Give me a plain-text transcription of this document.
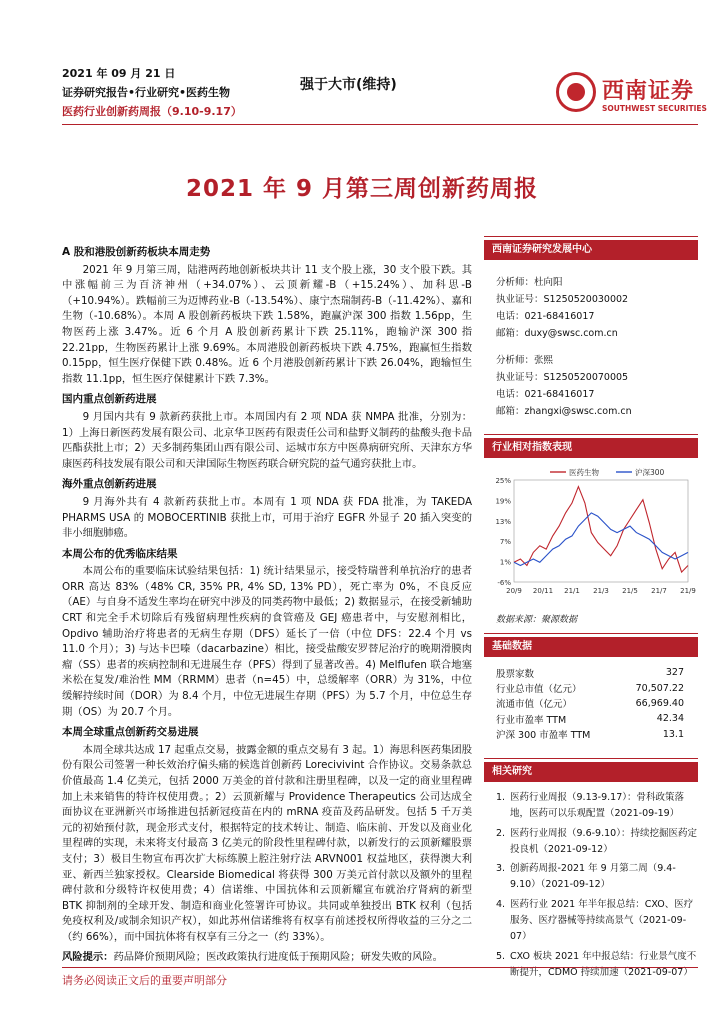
2021 年 09 月 21 日
证券研究报告•行业研究•医药生物
医药行业创新药周报（9.10-9.17）
强于大市(维持)	西南证券
SOUTHWEST SECURITIES
2021 年 9 月第三周创新药周报
A 股和港股创新药板块本周走势

2021 年 9 月第三周，陆港两药地创新板块共计 11 支个股上涨，30 支个股下跌。其中涨幅前三为百济神州（+34.07%）、云顶新耀-B（+15.24%）、加科思-B（+10.94%）。跌幅前三为迈博药业-B（-13.54%）、康宁杰瑞制药-B（-11.42%）、嘉和生物（-10.68%）。本周 A 股创新药板块下跌 1.58%，跑赢沪深 300 指数 1.56pp，生物医药上涨 3.47%。近 6 个月 A 股创新药累计下跌 25.11%，跑输沪深 300 指 22.21pp，生物医药累计上涨 9.69%。本周港股创新药板块下跌 4.75%，跑赢恒生指数 0.15pp，恒生医疗保健下跌 0.48%。近 6 个月港股创新药累计下跌 26.04%，跑输恒生指数 11.1pp，恒生医疗保健累计下跌 7.3%。

国内重点创新药进展

9 月国内共有 9 款新药获批上市。本周国内有 2 项 NDA 获 NMPA 批准，分别为：1）上海日新医药发展有限公司、北京华卫医药有限责任公司和盐野义制药的盐酸头孢卡品匹酯获批上市；2）天多制药集团山西有限公司、运城市东方中医鼻病研究所、天津东方华康医药科技发展有限公司和天津国际生物医药联合研究院的益气通窍获批上市。

海外重点创新药进展

9 月海外共有 4 款新药获批上市。本周有 1 项 NDA 获 FDA 批准，为 TAKEDA PHARMS USA 的 MOBOCERTINIB 获批上市，可用于治疗 EGFR 外显子 20 插入突变的非小细胞肺癌。

本周公布的优秀临床结果

本周公布的重要临床试验结果包括：1) 统计结果显示，接受特瑞普利单抗治疗的患者 ORR 高达 83%（48% CR, 35% PR, 4% SD, 13% PD），死亡率为 0%，不良反应（AE）与自身不适发生率均在研究中涉及的同类药物中最低；2) 数据显示，在接受新辅助 CRT 和完全手术切除后有残留病理性疾病的食管癌及 GEJ 癌患者中，与安慰剂相比，Opdivo 辅助治疗将患者的无病生存期（DFS）延长了一倍（中位 DFS：22.4 个月 vs 11.0 个月）；3) 与达卡巴嗪（dacarbazine）相比，接受盐酸安罗替尼治疗的晚期滑膜肉瘤（SS）患者的疾病控制和无进展生存（PFS）得到了显著改善。4) Melflufen 联合地塞米松在复发/难治性 MM（RRMM）患者（n=45）中，总缓解率（ORR）为 31%，中位缓解持续时间（DOR）为 8.4 个月，中位无进展生存期（PFS）为 5.7 个月，中位总生存期（OS）为 20.7 个月。

本周全球重点创新药交易进展

本周全球共达成 17 起重点交易，披露金额的重点交易有 3 起。1）海思科医药集团股份有限公司签署一种长效治疗偏头痛的候选首创新药 Lorecivivint 合作协议。交易条款总价值最高 1.4 亿美元，包括 2000 万美金的首付款和注册里程碑，以及一定的商业里程碑加上未来销售的特许权使用费。；2）云顶新耀与 Providence Therapeutics 公司达成全面协议在亚洲新兴市场推进包括新冠疫苗在内的 mRNA 疫苗及药品研发。包括 5 千万美元的初始预付款，现金形式支付，根据特定的技术转让、制造、临床前、开发以及商业化里程碑的实现，未来将支付最高 3 亿美元的阶段性里程碑付款，以新发行的云顶新耀股票支付；3）极目生物宣布再次扩大标练膜上腔注射疗法 ARVN001 权益地区，获得澳大利亚、新西兰独家授权。Clearside Biomedical 将获得 300 万美元首付款以及额外的里程碑付款和分级特许权使用费；4）信诺维、中国抗体和云顶新耀宣布就治疗肾病的新型 BTK 抑制剂的全球开发、制造和商业化签署许可协议。共同或单独授出 BTK 权利（包括免疫权利及/或制余知识产权），如此苏州信诺维将有权享有前述授权所得收益的三分之二（约 66%），而中国抗体将有权享有三分之一（约 33%）。

风险提示：药品降价预期风险；医改政策执行进度低于预期风险；研发失败的风险。

西南证券研究发展中心
分析师：杜向阳
执业证号：S1250520030002
电话：021-68416017
邮箱：duxy@swsc.com.cn
分析师：张熙
执业证号：S1250520070005
电话：021-68416017
邮箱：zhangxi@swsc.com.cn
行业相对指数表现
25%
19%
13%
7%
1%
-6%
20/9 20/11 21/1 21/3 21/5 21/7 21/9
医药生物	沪深300
数据来源：聚源数据
基础数据
股票家数	327
行业总市值（亿元）	70,507.22
流通市值（亿元）	66,969.40
行业市盈率 TTM	42.34
沪深 300 市盈率 TTM	13.1
相关研究
1. 医药行业周报（9.13-9.17）：骨科政策落地，医药可以乐观配置（2021-09-19）
2. 医药行业周报（9.6-9.10）：持续挖掘医药定投良机（2021-09-12）
3. 创新药周报-2021 年 9 月第二周（9.4-9.10）（2021-09-12）
4. 医药行业 2021 年半年报总结：CXO、医疗服务、医疗器械等持续高景气（2021-09-07）
5. CXO 板块 2021 年中报总结：行业景气度不断提升，CDMO 持续加速（2021-09-07）
请务必阅读正文后的重要声明部分
